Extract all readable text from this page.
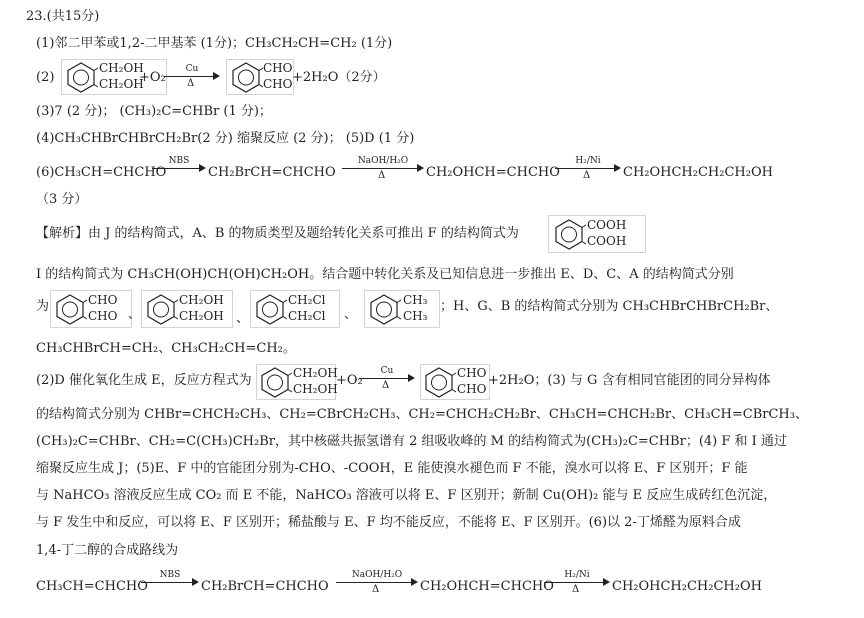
23.(共15分)
(1)邻二甲苯或1,2-二甲基苯 (1分)；CH₃CH₂CH=CH₂ (1分)
(2)
CH₂OH
CH₂OH
+O₂
Cu
Δ
CHO
CHO +2H₂O（2分）
(3)7 (2 分)； (CH₃)₂C=CHBr (1 分)；
(4)CH₃CHBrCHBrCH₂Br(2 分) 缩聚反应 (2 分)； (5)D (1 分)
(6)CH₃CH=CHCHO
NBS
CH₂BrCH=CHCHO
NaOH/H₂O
Δ	CH₂OHCH=CHCHO
H₂/Ni
Δ	CH₂OHCH₂CH₂CH₂OH
（3 分）
【解析】由 J 的结构简式，A、B 的物质类型及题给转化关系可推出 F 的结构简式为
COOH
COOH
I 的结构简式为 CH₃CH(OH)CH(OH)CH₂OH。结合题中转化关系及已知信息进一步推出 E、D、C、A 的结构简式分别
为	CHO
CHO 、
CH₂OH
CH₂OH 、
CH₂Cl
CH₂Cl 、
CH₃
CH₃
；H、G、B 的结构简式分别为 CH₃CHBrCHBrCH₂Br、
CH₃CHBrCH=CH₂、CH₃CH₂CH=CH₂。
(2)D 催化氧化生成 E，反应方程式为	CH₂OH
CH₂OH
+O₂
Cu
Δ
CHO
CHO
+2H₂O；(3) 与 G 含有相同官能团的同分异构体
的结构简式分别为 CHBr=CHCH₂CH₃、CH₂=CBrCH₂CH₃、CH₂=CHCH₂CH₂Br、CH₃CH=CHCH₂Br、CH₃CH=CBrCH₃、
(CH₃)₂C=CHBr、CH₂=C(CH₃)CH₂Br，其中核磁共振氢谱有 2 组吸收峰的 M 的结构简式为(CH₃)₂C=CHBr；(4) F 和 I 通过
缩聚反应生成 J；(5)E、F 中的官能团分别为-CHO、-COOH，E 能使溴水褪色而 F 不能，溴水可以将 E、F 区别开；F 能
与 NaHCO₃ 溶液反应生成 CO₂ 而 E 不能，NaHCO₃ 溶液可以将 E、F 区别开；新制 Cu(OH)₂ 能与 E 反应生成砖红色沉淀，
与 F 发生中和反应，可以将 E、F 区别开；稀盐酸与 E、F 均不能反应，不能将 E、F 区别开。(6)以 2-丁烯醛为原料合成
1,4-丁二醇的合成路线为
CH₃CH=CHCHO
NBS
CH₂BrCH=CHCHO
NaOH/H₂O
Δ	CH₂OHCH=CHCHO
H₂/Ni
Δ	CH₂OHCH₂CH₂CH₂OH
